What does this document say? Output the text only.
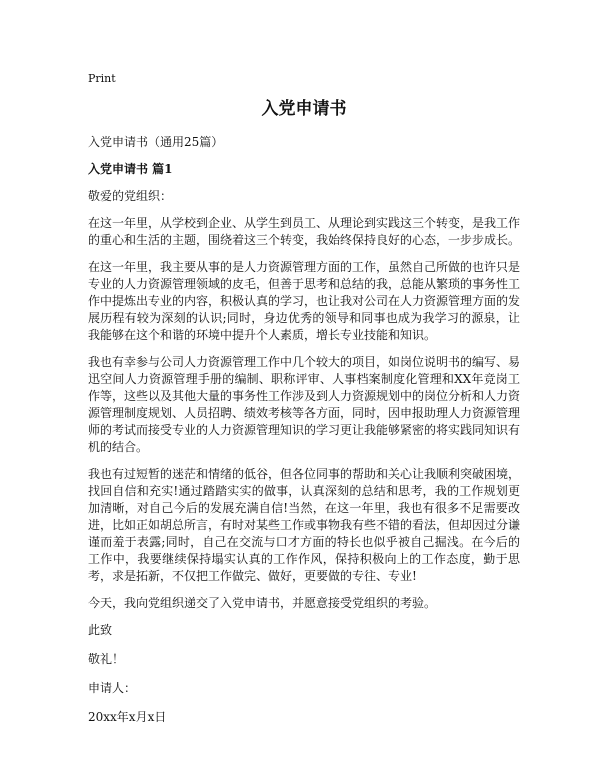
Print
入党申请书
入党申请书（通用25篇）
入党申请书 篇1
敬爱的党组织：
在这一年里，从学校到企业、从学生到员工、从理论到实践这三个转变，是我工作的重心和生活的主题，围绕着这三个转变，我始终保持良好的心态，一步步成长。
在这一年里，我主要从事的是人力资源管理方面的工作，虽然自己所做的也许只是专业的人力资源管理领域的皮毛，但善于思考和总结的我，总能从繁琐的事务性工作中提炼出专业的内容，积极认真的学习，也让我对公司在人力资源管理方面的发展历程有较为深刻的认识;同时，身边优秀的领导和同事也成为我学习的源泉，让我能够在这个和谐的环境中提升个人素质，增长专业技能和知识。
我也有幸参与公司人力资源管理工作中几个较大的项目，如岗位说明书的编写、易迅空间人力资源管理手册的编制、职称评审、人事档案制度化管理和XX年竞岗工作等，这些以及其他大量的事务性工作涉及到人力资源规划中的岗位分析和人力资源管理制度规划、人员招聘、绩效考核等各方面，同时，因申报助理人力资源管理师的考试而接受专业的人力资源管理知识的学习更让我能够紧密的将实践同知识有机的结合。
我也有过短暂的迷茫和情绪的低谷，但各位同事的帮助和关心让我顺利突破困境，找回自信和充实!通过踏踏实实的做事，认真深刻的总结和思考，我的工作规划更加清晰，对自己今后的发展充满自信!当然，在这一年里，我也有很多不足需要改进，比如正如胡总所言，有时对某些工作或事物我有些不错的看法，但却因过分谦谨而羞于表露;同时，自己在交流与口才方面的特长也似乎被自己掘浅。在今后的工作中，我要继续保持塌实认真的工作作风，保持积极向上的工作态度，勤于思考，求是拓新，不仅把工作做完、做好，更要做的专往、专业!
今天，我向党组织递交了入党申请书，并愿意接受党组织的考验。
此致
敬礼！
申请人：
20xx年x月x日
